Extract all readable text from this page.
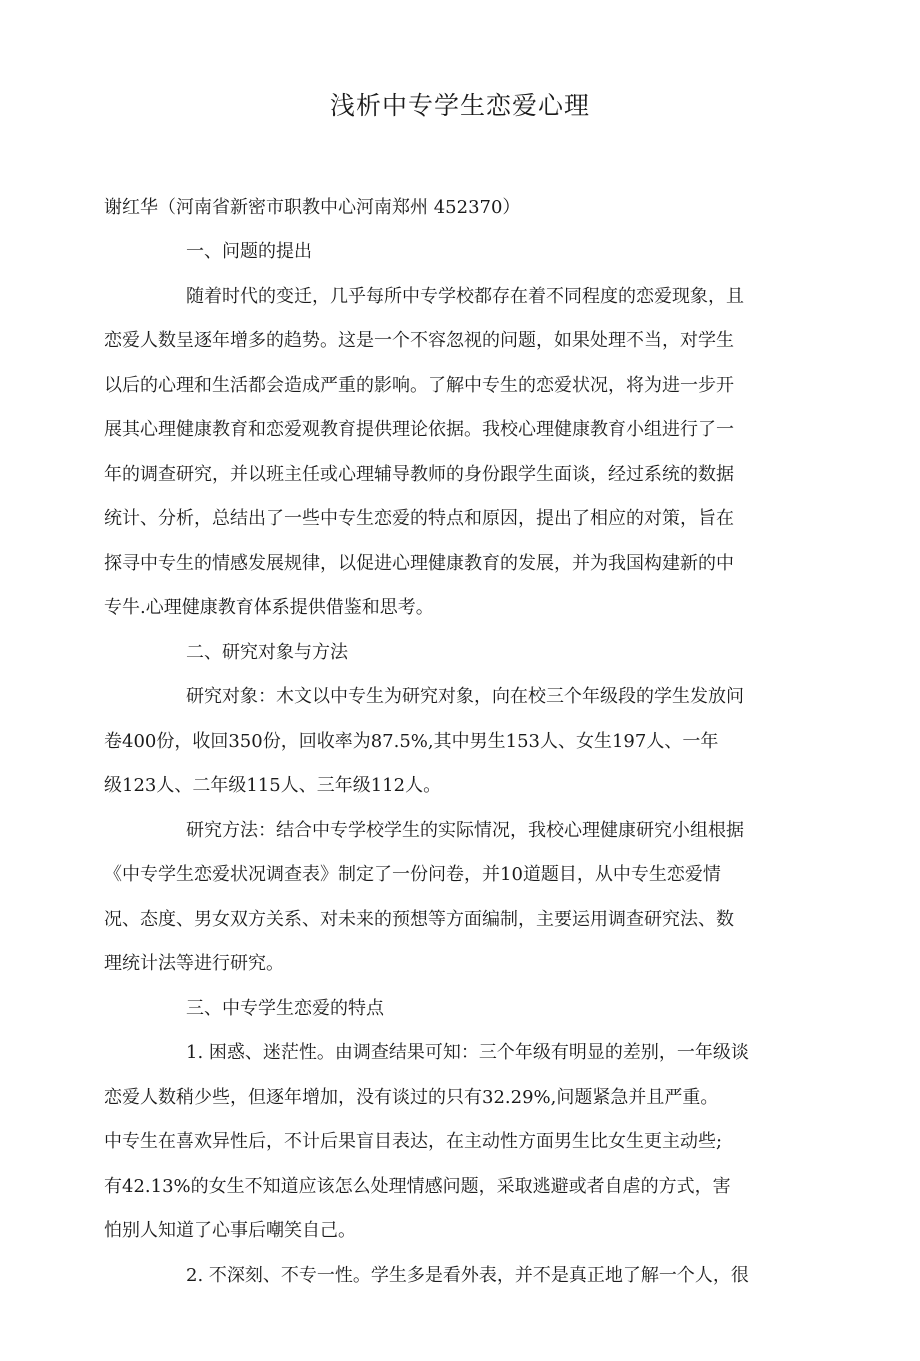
浅析中专学生恋爱心理
谢红华（河南省新密市职教中心河南郑州 452370）
一、问题的提出
随着时代的变迁，几乎每所中专学校都存在着不同程度的恋爱现象，且
恋爱人数呈逐年增多的趋势。这是一个不容忽视的问题，如果处理不当，对学生
以后的心理和生活都会造成严重的影响。了解中专生的恋爱状况，将为进一步开
展其心理健康教育和恋爱观教育提供理论依据。我校心理健康教育小组进行了一
年的调查研究，并以班主任或心理辅导教师的身份跟学生面谈，经过系统的数据
统计、分析，总结出了一些中专生恋爱的特点和原因，提出了相应的对策，旨在
探寻中专生的情感发展规律，以促进心理健康教育的发展，并为我国构建新的中
专牛.心理健康教育体系提供借鉴和思考。
二、研究对象与方法
研究对象：木文以中专生为研究对象，向在校三个年级段的学生发放问
卷400份，收回350份，回收率为87.5%,其中男生153人、女生197人、一年
级123人、二年级115人、三年级112人。
研究方法：结合中专学校学生的实际情况，我校心理健康研究小组根据
《中专学生恋爱状况调查表》制定了一份问卷，并10道题目，从中专生恋爱情
况、态度、男女双方关系、对未来的预想等方面编制，主要运用调查研究法、数
理统计法等进行研究。
三、中专学生恋爱的特点
1. 困惑、迷茫性。由调查结果可知：三个年级有明显的差别，一年级谈
恋爱人数稍少些，但逐年增加，没有谈过的只有32.29%,问题紧急并且严重。
中专生在喜欢异性后，不计后果盲目表达，在主动性方面男生比女生更主动些;
有42.13%的女生不知道应该怎么处理情感问题，采取逃避或者自虐的方式，害
怕别人知道了心事后嘲笑自己。
2. 不深刻、不专一性。学生多是看外表，并不是真正地了解一个人，很
